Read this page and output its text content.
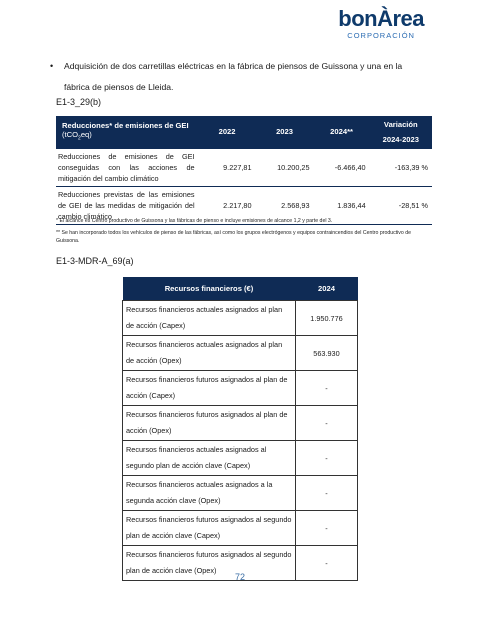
bonÀrea
CORPORACIÓN
• Adquisición de dos carretillas eléctricas en la fábrica de piensos de Guissona y una en la fábrica de piensos de Lleida.
E1-3_29(b)
Reducciones* de emisiones de GEI (tCO$_2$eq)	2022	2023	2024**	Variación
2024-2023

Reducciones de emisiones de GEI conseguidas con las acciones de mitigación del cambio climático	9.227,81	10.200,25	-6.466,40	-163,39 %
Reducciones previstas de las emisiones de GEI de las medidas de mitigación del cambio climático	2.217,80	2.568,93	1.836,44	-28,51 %
* El alcance es Centro productivo de Guissona y las fábricas de pienso e incluye emisiones de alcance 1,2 y parte del 3.
** Se han incorporado todos los vehículos de pienso de las fábricas, así como los grupos electrógenos y equipos contraincendios del Centro productivo de Guissona.
E1-3-MDR-A_69(a)
Recursos financieros (€)	2024
Recursos financieros actuales asignados al plan de acción (Capex)	1.950.776
Recursos financieros actuales asignados al plan de acción (Opex)	563.930
Recursos financieros futuros asignados al plan de acción (Capex)	-
Recursos financieros futuros asignados al plan de acción (Opex)	-
Recursos financieros actuales asignados al segundo plan de acción clave (Capex)	-
Recursos financieros actuales asignados a la segunda acción clave (Opex)	-
Recursos financieros futuros asignados al segundo plan de acción clave (Capex)	-
Recursos financieros futuros asignados al segundo plan de acción clave (Opex)	-
72
